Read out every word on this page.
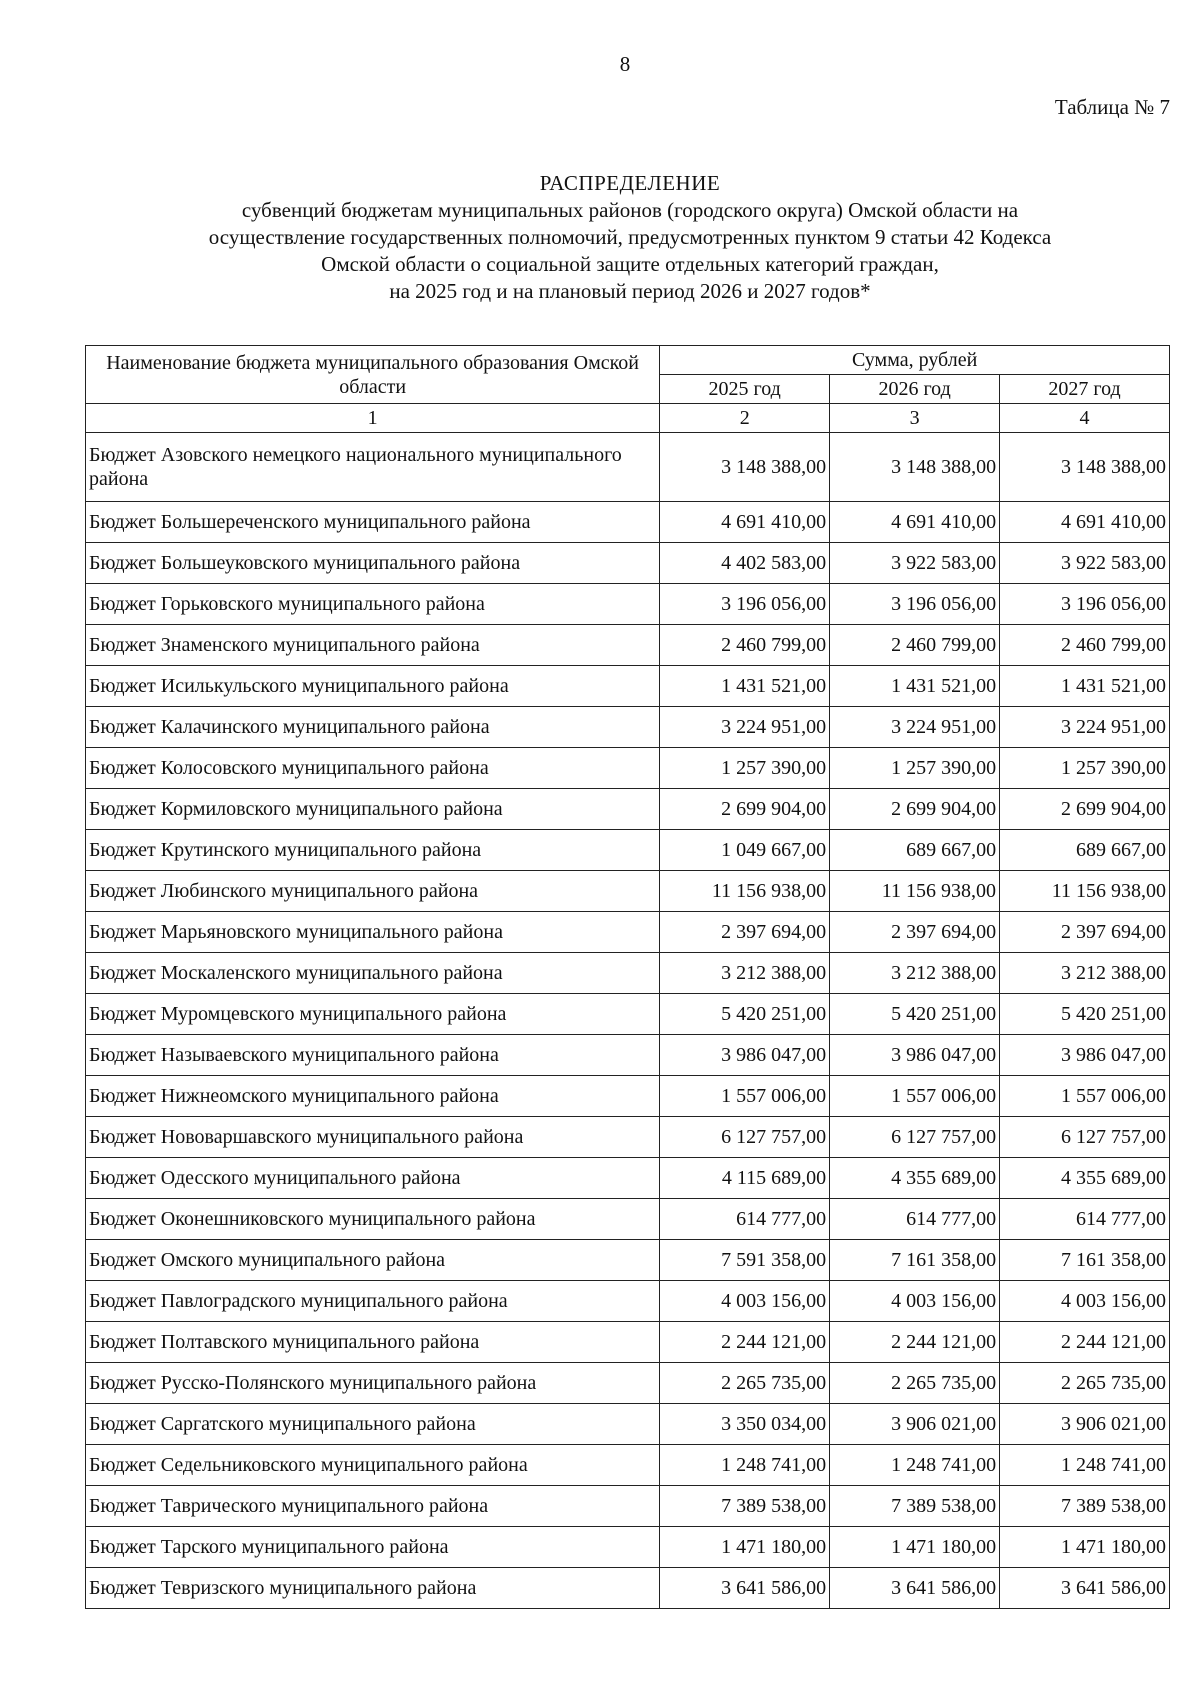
8
Таблица № 7
РАСПРЕДЕЛЕНИЕ
субвенций бюджетам муниципальных районов (городского округа) Омской области на
осуществление государственных полномочий, предусмотренных пунктом 9 статьи 42 Кодекса
Омской области о социальной защите отдельных категорий граждан,
на 2025 год и на плановый период 2026 и 2027 годов*
Наименование бюджета муниципального образования Омской области	Сумма, рублей		
	2025 год	2026 год	2027 год
1	2	3	4
Бюджет Азовского немецкого национального муниципального района	3 148 388,00	3 148 388,00	3 148 388,00
Бюджет Большереченского муниципального района	4 691 410,00	4 691 410,00	4 691 410,00
Бюджет Большеуковского муниципального района	4 402 583,00	3 922 583,00	3 922 583,00
Бюджет Горьковского муниципального района	3 196 056,00	3 196 056,00	3 196 056,00
Бюджет Знаменского муниципального района	2 460 799,00	2 460 799,00	2 460 799,00
Бюджет Исилькульского муниципального района	1 431 521,00	1 431 521,00	1 431 521,00
Бюджет Калачинского муниципального района	3 224 951,00	3 224 951,00	3 224 951,00
Бюджет Колосовского муниципального района	1 257 390,00	1 257 390,00	1 257 390,00
Бюджет Кормиловского муниципального района	2 699 904,00	2 699 904,00	2 699 904,00
Бюджет Крутинского муниципального района	1 049 667,00	689 667,00	689 667,00
Бюджет Любинского муниципального района	11 156 938,00	11 156 938,00	11 156 938,00
Бюджет Марьяновского муниципального района	2 397 694,00	2 397 694,00	2 397 694,00
Бюджет Москаленского муниципального района	3 212 388,00	3 212 388,00	3 212 388,00
Бюджет Муромцевского муниципального района	5 420 251,00	5 420 251,00	5 420 251,00
Бюджет Называевского муниципального района	3 986 047,00	3 986 047,00	3 986 047,00
Бюджет Нижнеомского муниципального района	1 557 006,00	1 557 006,00	1 557 006,00
Бюджет Нововаршавского муниципального района	6 127 757,00	6 127 757,00	6 127 757,00
Бюджет Одесского муниципального района	4 115 689,00	4 355 689,00	4 355 689,00
Бюджет Оконешниковского муниципального района	614 777,00	614 777,00	614 777,00
Бюджет Омского муниципального района	7 591 358,00	7 161 358,00	7 161 358,00
Бюджет Павлоградского муниципального района	4 003 156,00	4 003 156,00	4 003 156,00
Бюджет Полтавского муниципального района	2 244 121,00	2 244 121,00	2 244 121,00
Бюджет Русско-Полянского муниципального района	2 265 735,00	2 265 735,00	2 265 735,00
Бюджет Саргатского муниципального района	3 350 034,00	3 906 021,00	3 906 021,00
Бюджет Седельниковского муниципального района	1 248 741,00	1 248 741,00	1 248 741,00
Бюджет Таврического муниципального района	7 389 538,00	7 389 538,00	7 389 538,00
Бюджет Тарского муниципального района	1 471 180,00	1 471 180,00	1 471 180,00
Бюджет Тевризского муниципального района	3 641 586,00	3 641 586,00	3 641 586,00
